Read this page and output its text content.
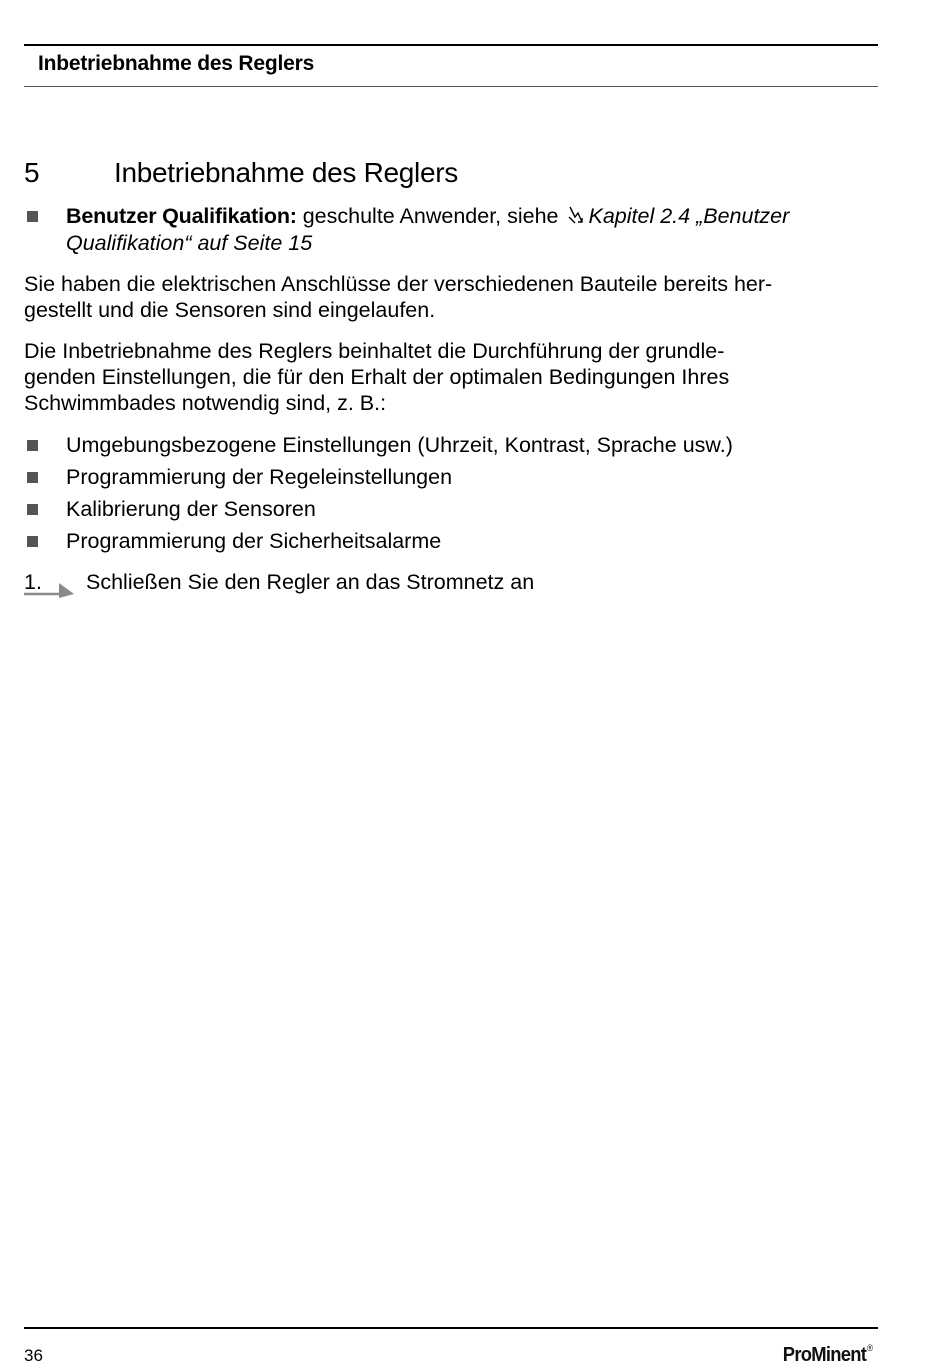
Inbetriebnahme des Reglers
5	Inbetriebnahme des Reglers
Benutzer Qualifikation: geschulte Anwender, siehe Kapitel 2.4 „Benutzer
Qualifikation“ auf Seite 15
Sie haben die elektrischen Anschlüsse der verschiedenen Bauteile bereits her-
gestellt und die Sensoren sind eingelaufen.
Die Inbetriebnahme des Reglers beinhaltet die Durchführung der grundle-
genden Einstellungen, die für den Erhalt der optimalen Bedingungen Ihres
Schwimmbades notwendig sind, z. B.:
Umgebungsbezogene Einstellungen (Uhrzeit, Kontrast, Sprache usw.)
Programmierung der Regeleinstellungen
Kalibrierung der Sensoren
Programmierung der Sicherheitsalarme
1. Schließen Sie den Regler an das Stromnetz an
36	ProMinent®
